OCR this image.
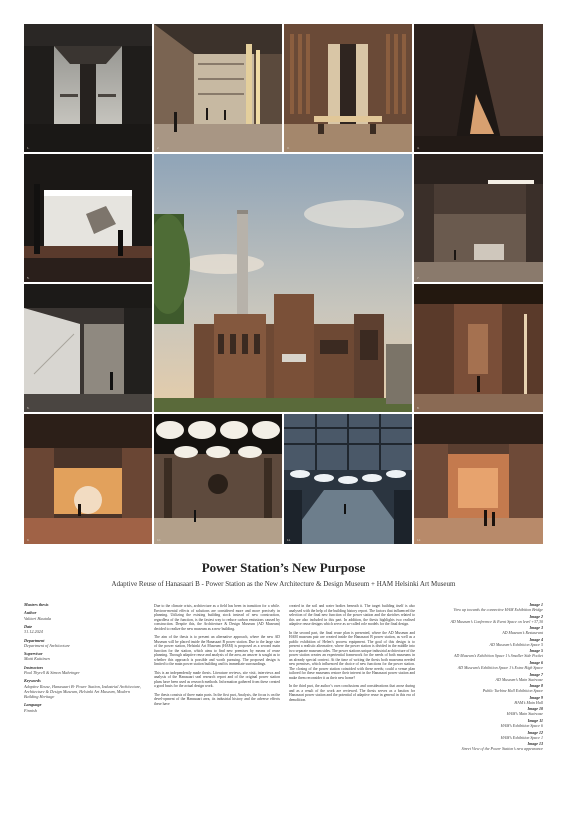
1.	2.	3.	4.
5.
6.
7.
8.
9.	10.	11.	12.
Power Station’s New Purpose
Adaptive Reuse of Hanasaari B - Power Station as the New Architecture & Design Museum + HAM Helsinki Art Museum
Masters thesis
Author
Valtteri Hautala
Date
31.12.2024
Department
Department of Architecture
Supervisor
Matti Kuittinen
Instructors
Paul Thyrell & Simon Mahringer
Keywords
Adaptive Reuse, Hanasaari B- Power Station, Industrial Architecture, Architecture & Design Museum, Helsinki Art Museum, Modern Building Heritage
Language
Finnish

Due to the climate crisis, architecture as a field has been in transition for a while. Environ-mental effects of solutions are considered more and more precisely in planning. Utilizing the existing building stock instead of new construction, regardless of the function, is the fastest way to reduce carbon emissions caused by construction. Despite this, the Architecture & Design Museum (AD Museum) decided to realize the new museum as a new building.

The aim of the thesis is to present an alternative approach, where the new AD Museum will be placed inside the Hanasaari B power station. Due to the large size of the power station, Helsinki Art Museum (HAM) is proposed as a second main function for the station, which aims to find new premises by means of reuse planning. Through adaptive reuse and analysis of the area, an answer is sought as to whether this approach is possible and worth pursuing. The proposed design is limited to the main power station building and its immediate surroundings.

This is an independently made thesis. Literature reviews, site visit, interviews and analysis of the Hanasaari seal research report and of the original power station plans have been used as research methods. Information gathered from these created a good basis for the actual design work.

The thesis consists of three main parts. In the first part, Analysis, the focus is on the devel-opment of the Hanasaari area, its industrial history and the adverse effects these have

created in the soil and water bodies beneath it. The target building itself is also analysed with the help of the building history report. The factors that influenced the selection of the final new function of the power station and the sketches related to this are also included in this part. In addition, the thesis highlights two realised adaptive reuse designs which serve as so-called role models for the final design.

In the second part, the final reuse plan is presented, where the AD Museum and HAM museum pair are created inside the Hanasaari B power station, as well as a public exhibition of Helen’s process equipment. The goal of this design is to present a realistic alternative, where the power station is divided in the middle into two separate museum sides. The power stations unique industrial architecture of the power station creates an experiential framework for the needs of both museums in an already special context. At the time of writing the thesis both museums needed new premises, which influenced the choice of new functions for the power station. The closing of the power station coincided with these needs; could a venue plan tailored for these museums restore their interest in the Hanasaari power station and make them reconsider it as their new home?

In the third part, the author’s own conclusions and considerations that arose during and as a result of the work are reviewed. The thesis serves as a bastion for Hanasaari power station and the potential of adaptive reuse in general in this era of demolition.

Image 1
View up towards the connective HAM Exhibition Bridge
Image 2
AD Museum’s Conference & Event Space on level +37,30
Image 3
AD Museum’s Restaurant
Image 4
AD Museum’s Exhibition Space 5
Image 5
AD Museum’s Exhibition Space 1’s Smaller Side Pocket
Image 6
AD Museum’s Exhibition Space 1’s Extra High Space
Image 7
AD Museum’s Main Staircase
Image 8
Public Turbine Hall Exhibition Space
Image 9
HAM’s Main Hall
Image 10
HAM’s Main Staircase
Image 11
HAM’s Exhibition Space 6
Image 12
HAM’s Exhibition Space 1
Image 13
Street View of the Power Station’s new appearance
